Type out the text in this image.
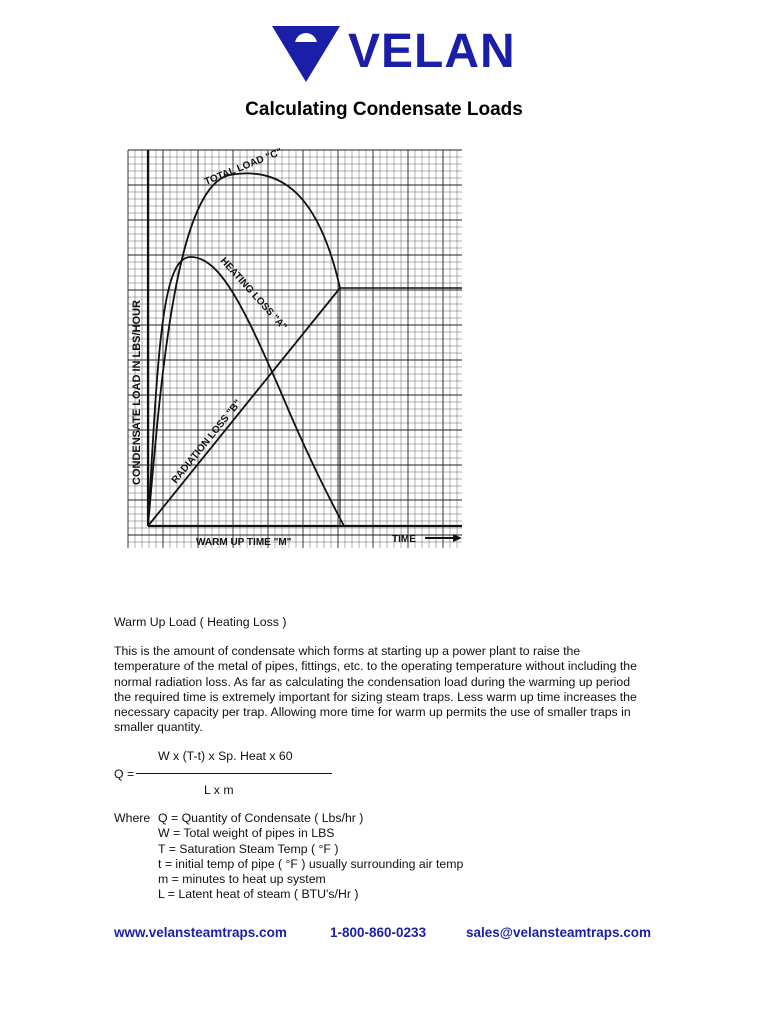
VELAN
Calculating Condensate Loads
CONDENSATE LOAD IN LBS/HOUR
WARM UP TIME "M"	TIME
TOTAL LOAD "C"
HEATING LOSS "A"
RADIATION LOSS "B"
Warm Up Load ( Heating Loss )
This is the amount of condensate which forms at starting up a power plant to raise the
temperature of the metal of pipes, fittings, etc. to the operating temperature without including the
normal radiation loss. As far as calculating the condensation load during the warming up period
the required time is extremely important for sizing steam traps. Less warm up time increases the
necessary capacity per trap. Allowing more time for warm up permits the use of smaller traps in
smaller quantity.
W x (T-t) x Sp. Heat x 60
Q =
L x m
Where Q = Quantity of Condensate ( Lbs/hr )
W = Total weight of pipes in LBS
T = Saturation Steam Temp ( °F )
t = initial temp of pipe ( °F ) usually surrounding air temp
m = minutes to heat up system
L = Latent heat of steam ( BTU's/Hr )
www.velansteamtraps.com	1-800-860-0233	sales@velansteamtraps.com
